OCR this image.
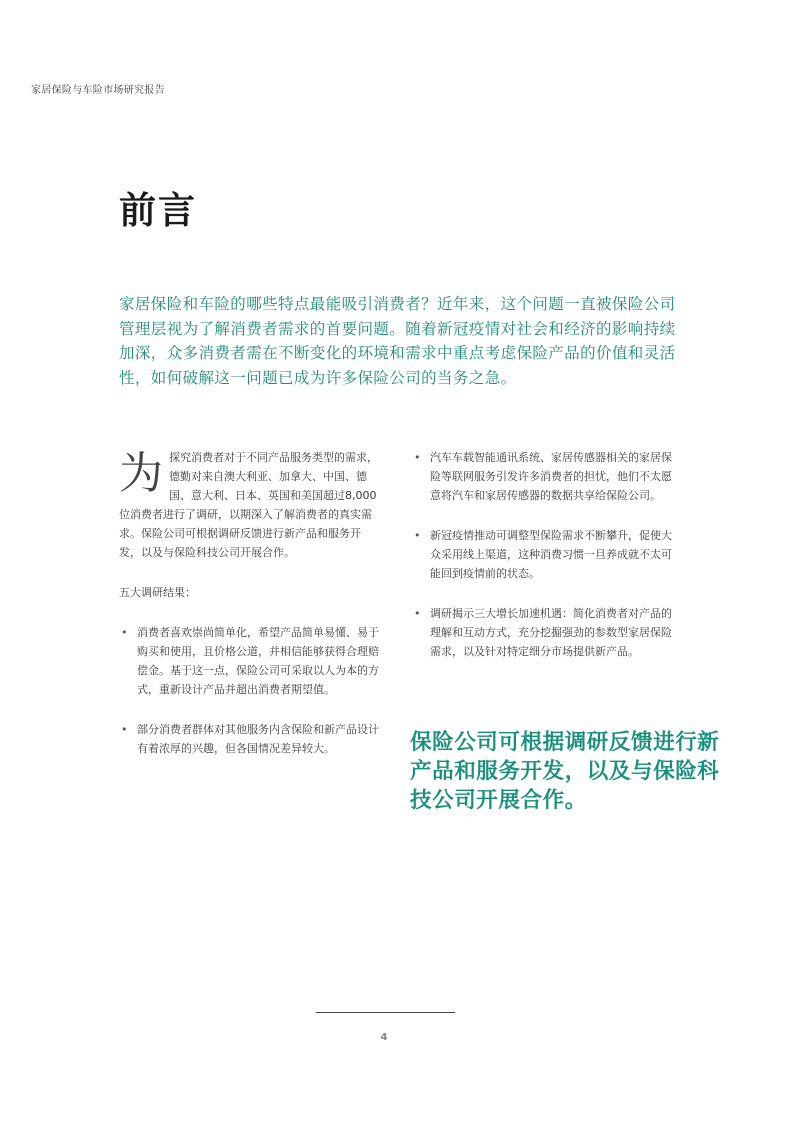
家居保险与车险市场研究报告
前言

家居保险和车险的哪些特点最能吸引消费者？近年来，这个问题一直被保险公司管理层视为了解消费者需求的首要问题。随着新冠疫情对社会和经济的影响持续加深，众多消费者需在不断变化的环境和需求中重点考虑保险产品的价值和灵活性，如何破解这一问题已成为许多保险公司的当务之急。

为 探究消费者对于不同产品服务类型的需求，德勤对来自澳大利亚、加拿大、中国、德国、意大利、日本、英国和美国超过8,000位消费者进行了调研，以期深入了解消费者的真实需求。保险公司可根据调研反馈进行新产品和服务开发，以及与保险科技公司开展合作。

五大调研结果：

• 消费者喜欢崇尚简单化，希望产品简单易懂、易于购买和使用，且价格公道，并相信能够获得合理赔偿金。基于这一点，保险公司可采取以人为本的方式，重新设计产品并超出消费者期望值。

• 部分消费者群体对其他服务内含保险和新产品设计有着浓厚的兴趣，但各国情况差异较大。

• 汽车车载智能通讯系统、家居传感器相关的家居保险等联网服务引发许多消费者的担忧，他们不太愿意将汽车和家居传感器的数据共享给保险公司。

• 新冠疫情推动可调整型保险需求不断攀升，促使大众采用线上渠道，这种消费习惯一旦养成就不太可能回到疫情前的状态。

• 调研揭示三大增长加速机遇：简化消费者对产品的理解和互动方式，充分挖掘强劲的参数型家居保险需求，以及针对特定细分市场提供新产品。

保险公司可根据调研反馈进行新产品和服务开发，以及与保险科技公司开展合作。

4
